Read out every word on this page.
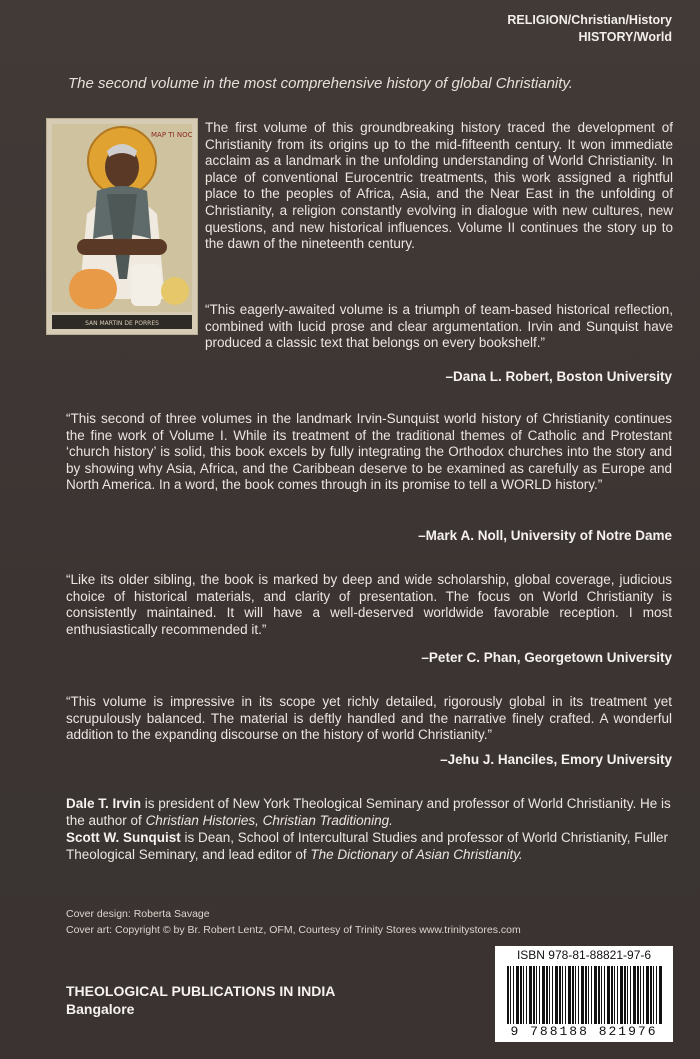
RELIGION/Christian/History
HISTORY/World
The second volume in the most comprehensive history of global Christianity.
MAP TI NOC
SAN MARTIN DE PORRES
The first volume of this groundbreaking history traced the development of Christianity from its origins up to the mid-fifteenth century. It won immediate acclaim as a landmark in the unfolding understanding of World Christianity. In place of conventional Eurocentric treatments, this work assigned a rightful place to the peoples of Africa, Asia, and the Near East in the unfolding of Christianity, a religion constantly evolving in dialogue with new cultures, new questions, and new historical influences. Volume II continues the story up to the dawn of the nineteenth century.
“This eagerly-awaited volume is a triumph of team-based historical reflection, combined with lucid prose and clear argumentation. Irvin and Sunquist have produced a classic text that belongs on every bookshelf.”
–Dana L. Robert, Boston University
“This second of three volumes in the landmark Irvin-Sunquist world history of Christianity continues the fine work of Volume I. While its treatment of the traditional themes of Catholic and Protestant ‘church history’ is solid, this book excels by fully integrating the Orthodox churches into the story and by showing why Asia, Africa, and the Caribbean deserve to be examined as carefully as Europe and North America. In a word, the book comes through in its promise to tell a WORLD history.”
–Mark A. Noll, University of Notre Dame
“Like its older sibling, the book is marked by deep and wide scholarship, global coverage, judicious choice of historical materials, and clarity of presentation. The focus on World Christianity is consistently maintained. It will have a well-deserved worldwide favorable reception. I most enthusiastically recommended it.”
–Peter C. Phan, Georgetown University
“This volume is impressive in its scope yet richly detailed, rigorously global in its treatment yet scrupulously balanced. The material is deftly handled and the narrative finely crafted. A wonderful addition to the expanding discourse on the history of world Christianity.”
–Jehu J. Hanciles, Emory University
Dale T. Irvin is president of New York Theological Seminary and professor of World Christianity. He is the author of Christian Histories, Christian Traditioning.
Scott W. Sunquist is Dean, School of Intercultural Studies and professor of World Christianity, Fuller Theological Seminary, and lead editor of The Dictionary of Asian Christianity.
Cover design: Roberta Savage
Cover art: Copyright © by Br. Robert Lentz, OFM, Courtesy of Trinity Stores www.trinitystores.com
THEOLOGICAL PUBLICATIONS IN INDIA
Bangalore
ISBN 978-81-88821-97-6
9 788188 821976
